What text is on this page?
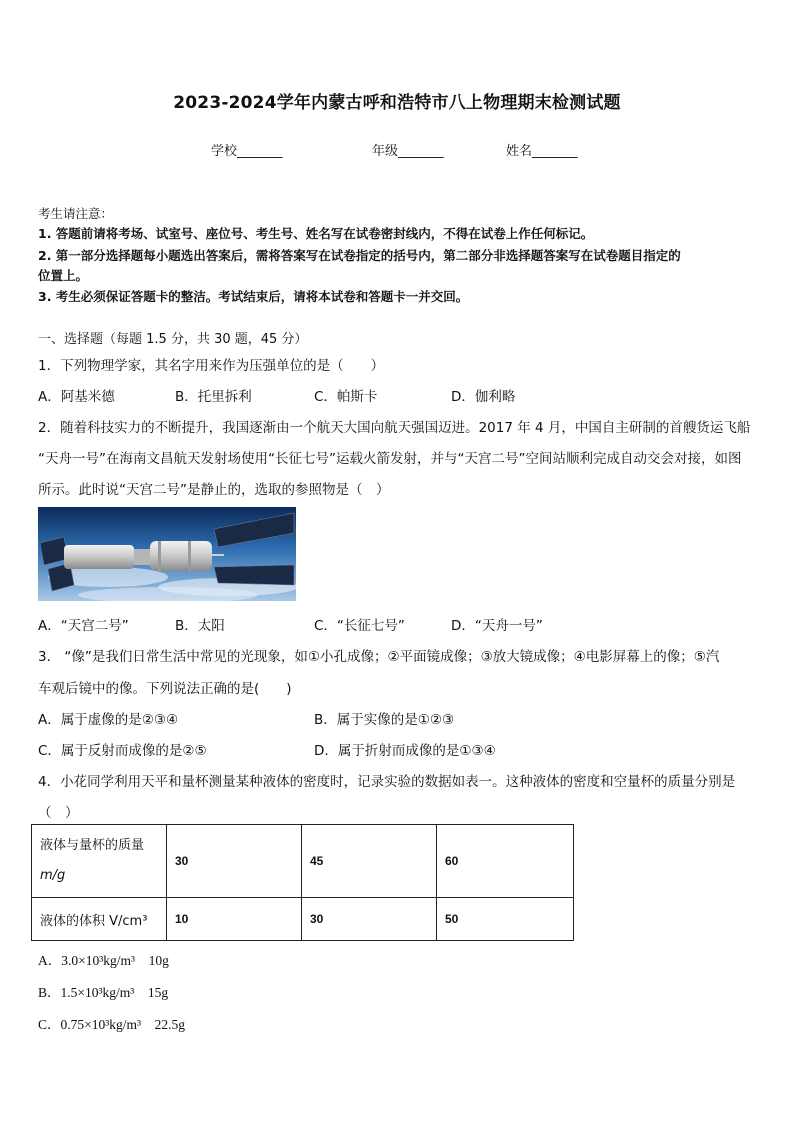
2023-2024学年内蒙古呼和浩特市八上物理期末检测试题
学校_______	年级_______	姓名_______
考生请注意：
1. 答题前请将考场、试室号、座位号、考生号、姓名写在试卷密封线内，不得在试卷上作任何标记。
2. 第一部分选择题每小题选出答案后，需将答案写在试卷指定的括号内，第二部分非选择题答案写在试卷题目指定的
位置上。
3. 考生必须保证答题卡的整洁。考试结束后，请将本试卷和答题卡一并交回。
一、选择题（每题 1.5 分，共 30 题，45 分）
1．下列物理学家，其名字用来作为压强单位的是（　　）
A．阿基米德	B．托里拆利	C．帕斯卡	D．伽利略
2．随着科技实力的不断提升，我国逐渐由一个航天大国向航天强国迈进。2017 年 4 月，中国自主研制的首艘货运飞船
“天舟一号”在海南文昌航天发射场使用“长征七号”运载火箭发射，并与“天宫二号”空间站顺利完成自动交会对接，如图
所示。此时说“天宫二号”是静止的，选取的参照物是（　）
A．“天宫二号”	B．太阳	C．“长征七号”	D．“天舟一号”
3． “像”是我们日常生活中常见的光现象，如①小孔成像；②平面镜成像；③放大镜成像；④电影屏幕上的像；⑤汽
车观后镜中的像。下列说法正确的是(　　)
A．属于虚像的是②③④	B．属于实像的是①②③
C．属于反射而成像的是②⑤	D．属于折射而成像的是①③④
4．小花同学利用天平和量杯测量某种液体的密度时，记录实验的数据如表一。这种液体的密度和空量杯的质量分别是
（　）
液体与量杯的质量
m/g	30	45	60
液体的体积 V/cm³	10	30	50
A．3.0×10³kg/m³　10g
B．1.5×10³kg/m³　15g
C．0.75×10³kg/m³　22.5g
